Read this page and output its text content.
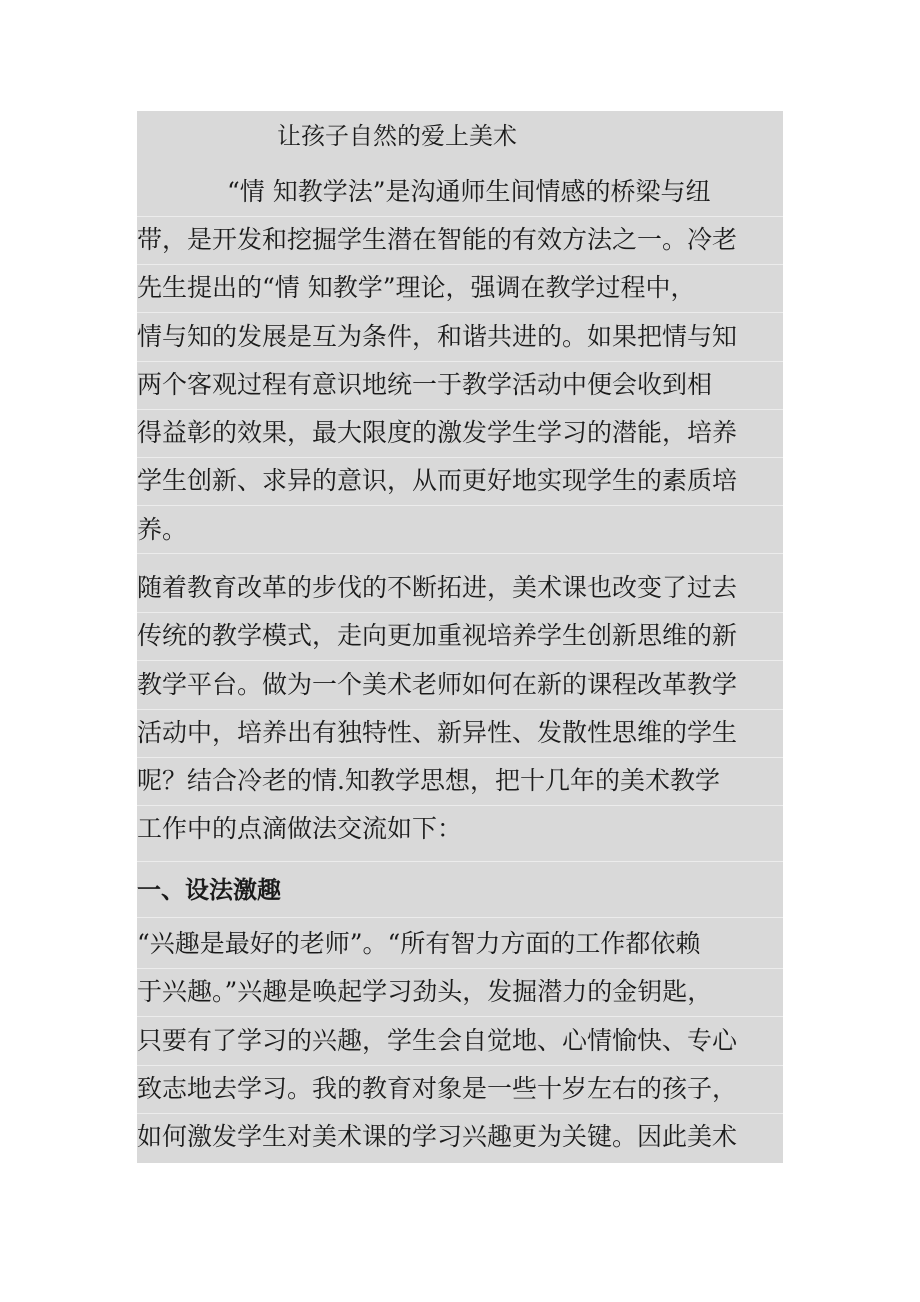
让孩子自然的爱上美术
“情 知教学法”是沟通师生间情感的桥梁与纽
带，是开发和挖掘学生潜在智能的有效方法之一。冷老
先生提出的“情 知教学”理论，强调在教学过程中，
情与知的发展是互为条件，和谐共进的。如果把情与知
两个客观过程有意识地统一于教学活动中便会收到相
得益彰的效果，最大限度的激发学生学习的潜能，培养
学生创新、求异的意识，从而更好地实现学生的素质培
养。
随着教育改革的步伐的不断拓进，美术课也改变了过去
传统的教学模式，走向更加重视培养学生创新思维的新
教学平台。做为一个美术老师如何在新的课程改革教学
活动中，培养出有独特性、新异性、发散性思维的学生
呢？结合冷老的情.知教学思想，把十几年的美术教学
工作中的点滴做法交流如下：
一、设法激趣
“兴趣是最好的老师”。“所有智力方面的工作都依赖
于兴趣。”兴趣是唤起学习劲头，发掘潜力的金钥匙，
只要有了学习的兴趣，学生会自觉地、心情愉快、专心
致志地去学习。我的教育对象是一些十岁左右的孩子，
如何激发学生对美术课的学习兴趣更为关键。因此美术
